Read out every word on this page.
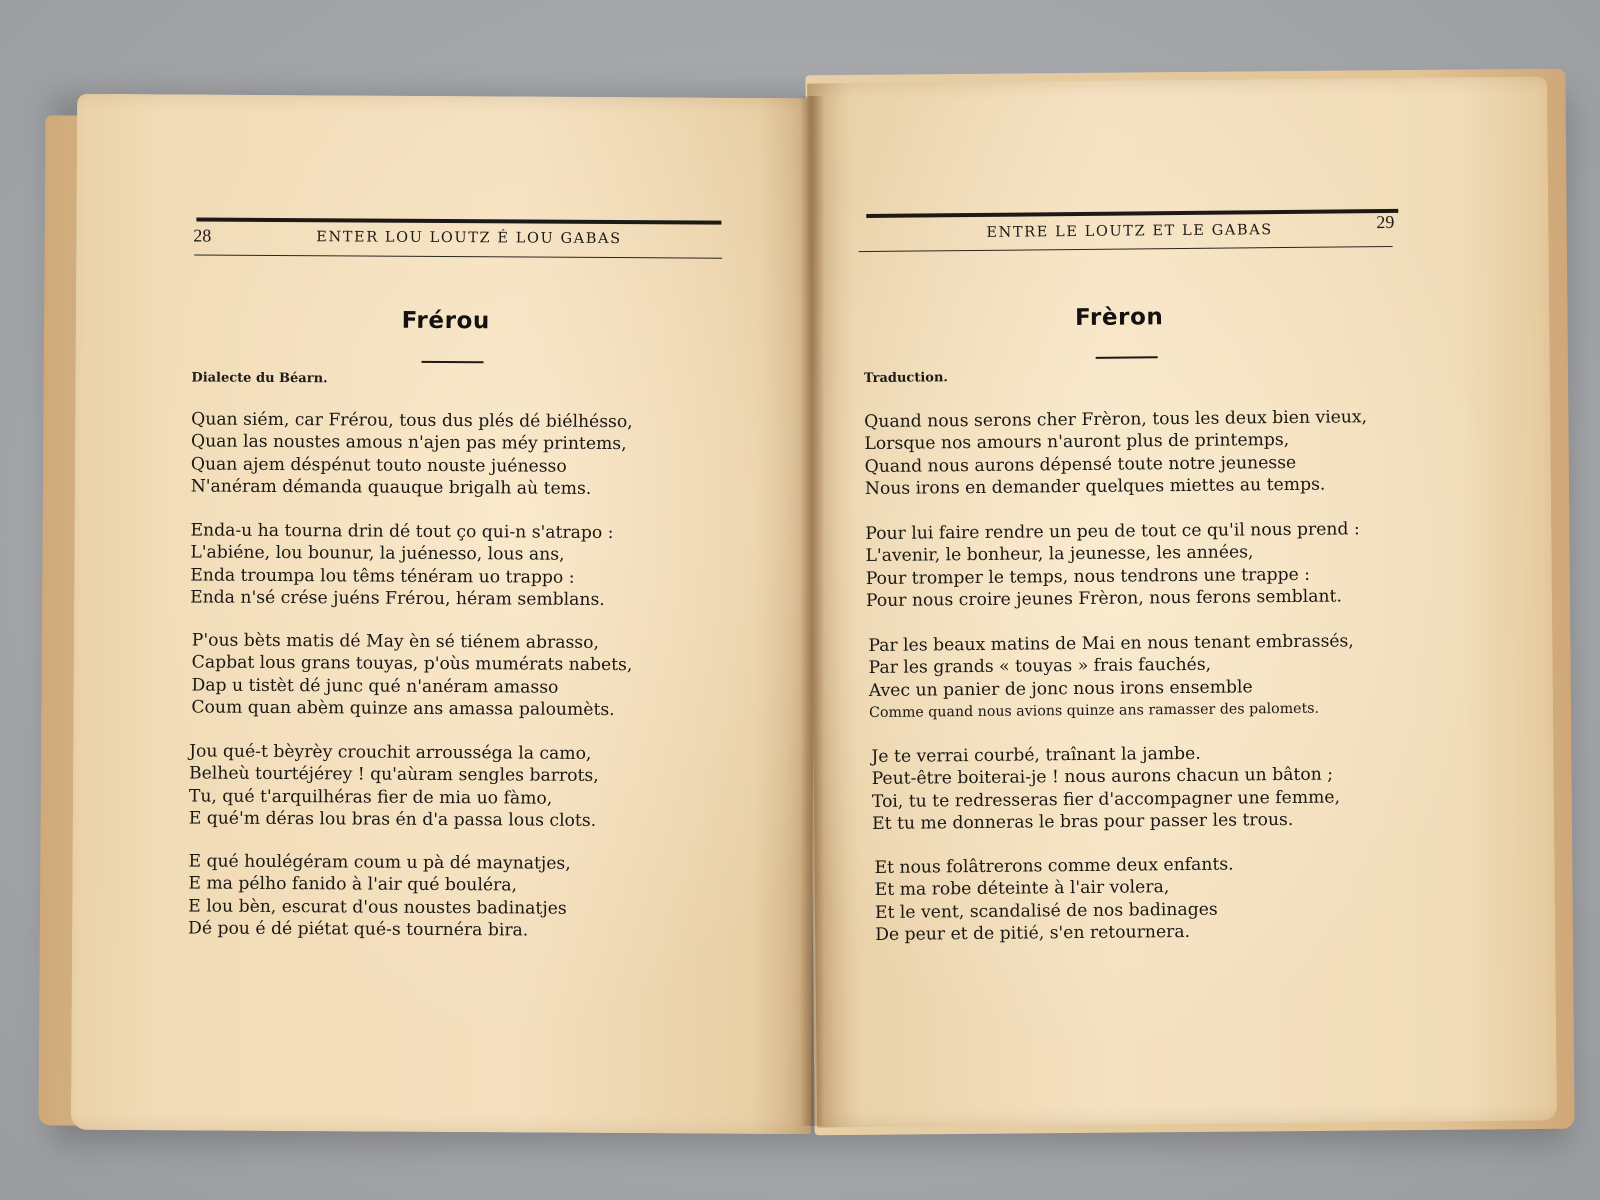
28	ENTER LOU LOUTZ É LOU GABAS
Frérou
Dialecte du Béarn.
Quan siém, car Frérou, tous dus plés dé biélhésso,
Quan las noustes amous n'ajen pas méy printems,
Quan ajem déspénut touto nouste juénesso
N'anéram démanda quauque brigalh aù tems.
Enda-u ha tourna drin dé tout ço qui-n s'atrapo :
L'abiéne, lou bounur, la juénesso, lous ans,
Enda troumpa lou têms ténéram uo trappo :
Enda n'sé crése juéns Frérou, héram semblans.
P'ous bèts matis dé May èn sé tiénem abrasso,
Capbat lous grans touyas, p'oùs mumérats nabets,
Dap u tistèt dé junc qué n'anéram amasso
Coum quan abèm quinze ans amassa paloumèts.
Jou qué-t bèyrèy crouchit arrousséga la camo,
Belheù tourtéjérey ! qu'aùram sengles barrots,
Tu, qué t'arquilhéras fier de mia uo fàmo,
E qué'm déras lou bras én d'a passa lous clots.
E qué houlégéram coum u pà dé maynatjes,
E ma pélho fanido à l'air qué bouléra,
E lou bèn, escurat d'ous noustes badinatjes
Dé pou é dé piétat qué-s tournéra bira.
ENTRE LE LOUTZ ET LE GABAS	29
Frèron
Traduction.
Quand nous serons cher Frèron, tous les deux bien vieux,
Lorsque nos amours n'auront plus de printemps,
Quand nous aurons dépensé toute notre jeunesse
Nous irons en demander quelques miettes au temps.
Pour lui faire rendre un peu de tout ce qu'il nous prend :
L'avenir, le bonheur, la jeunesse, les années,
Pour tromper le temps, nous tendrons une trappe :
Pour nous croire jeunes Frèron, nous ferons semblant.
Par les beaux matins de Mai en nous tenant embrassés,
Par les grands « touyas » frais fauchés,
Avec un panier de jonc nous irons ensemble
Comme quand nous avions quinze ans ramasser des palomets.
Je te verrai courbé, traînant la jambe.
Peut-être boiterai-je ! nous aurons chacun un bâton ;
Toi, tu te redresseras fier d'accompagner une femme,
Et tu me donneras le bras pour passer les trous.
Et nous folâtrerons comme deux enfants.
Et ma robe déteinte à l'air volera,
Et le vent, scandalisé de nos badinages
De peur et de pitié, s'en retournera.
